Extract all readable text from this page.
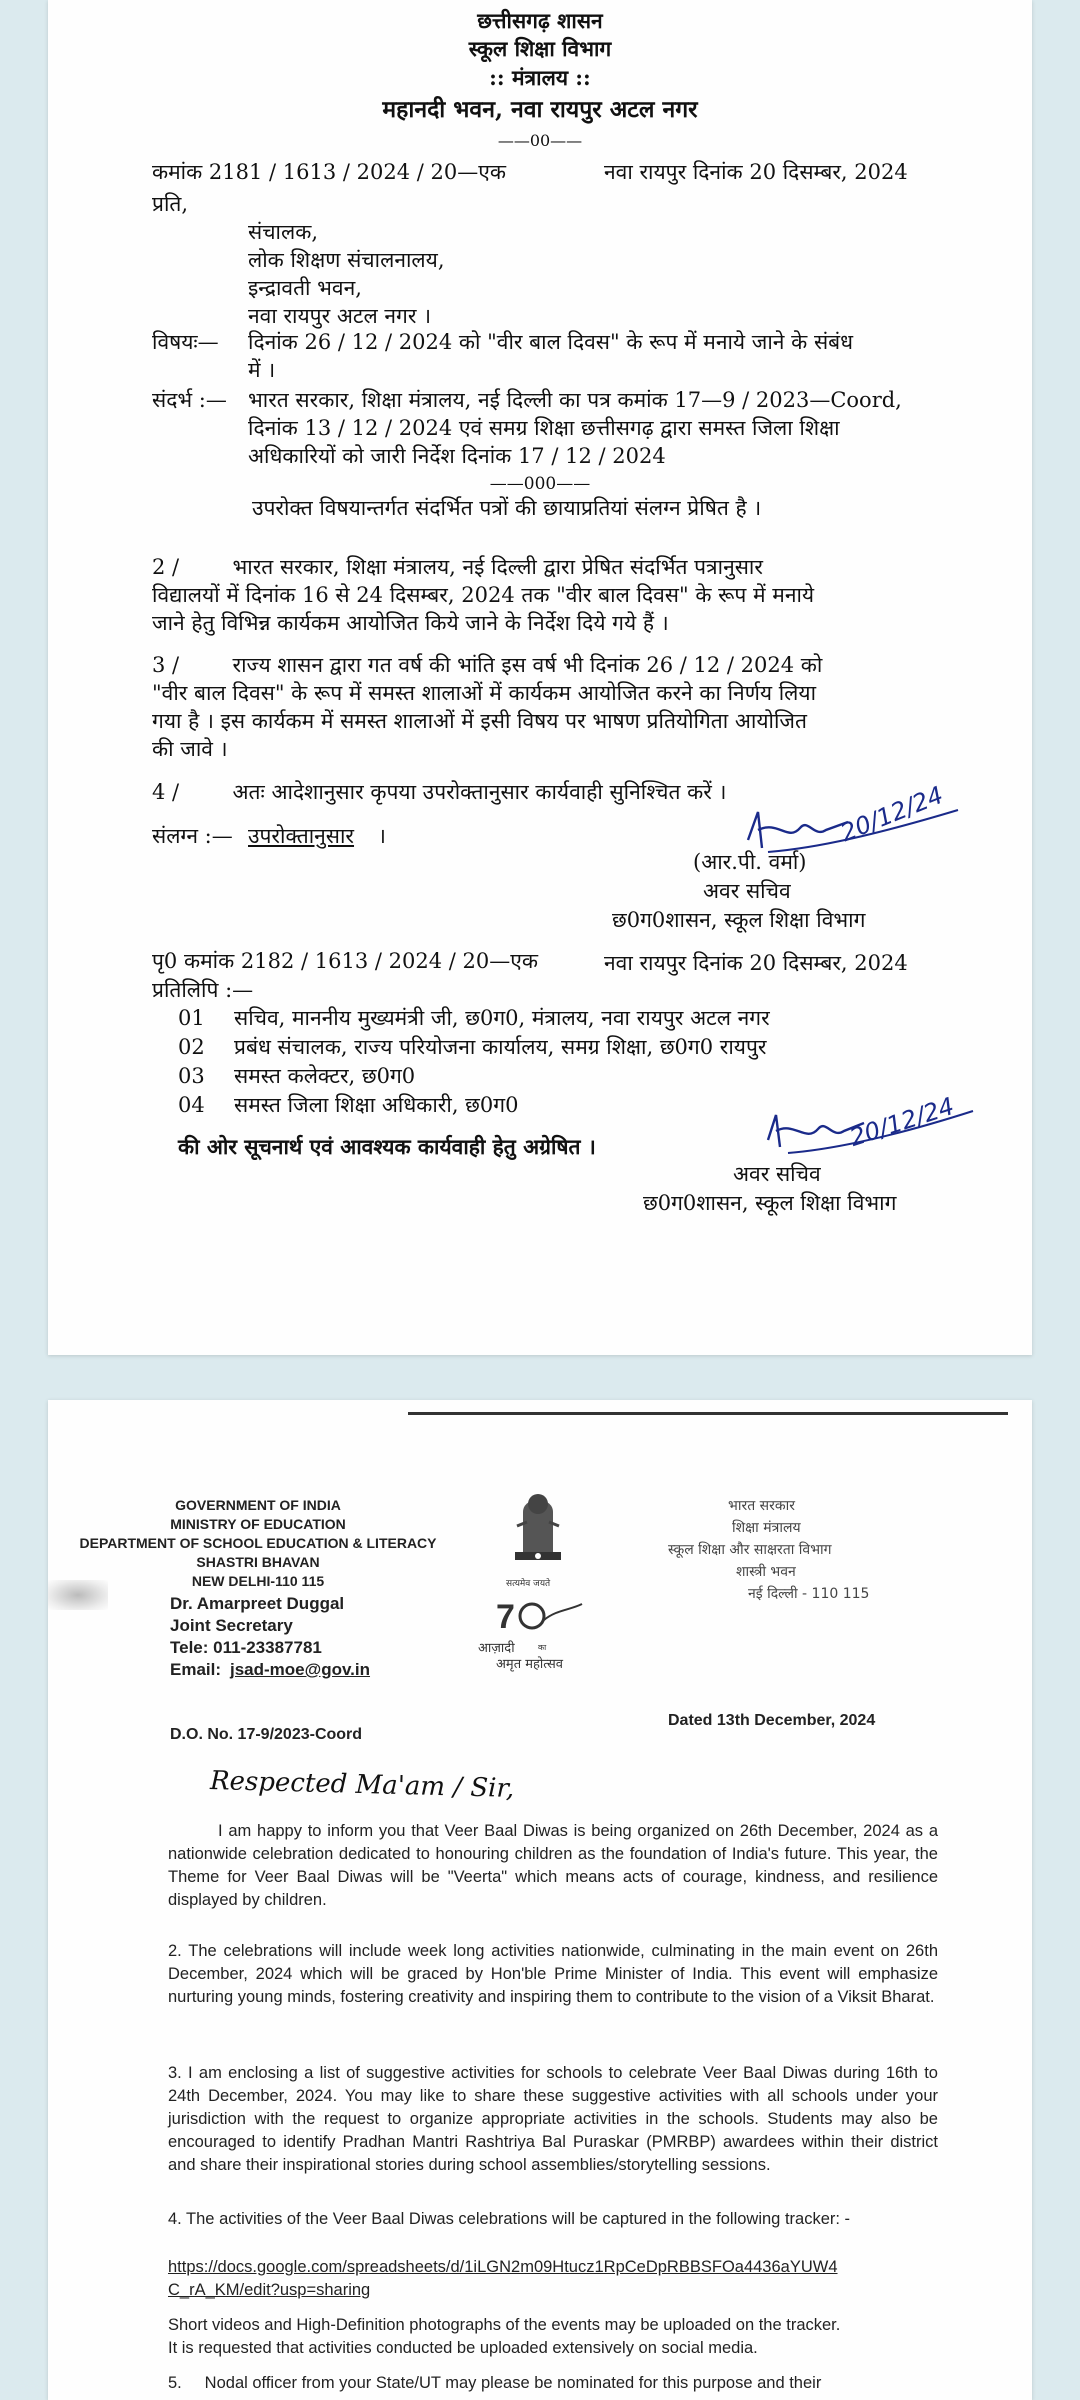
छत्तीसगढ़ शासन
स्कूल शिक्षा विभाग
:: मंत्रालय ::
महानदी भवन, नवा रायपुर अटल नगर
——00——
कमांक 2181 / 1613 / 2024 / 20—एक	नवा रायपुर दिनांक 20 दिसम्बर, 2024
प्रति,
संचालक,
लोक शिक्षण संचालनालय,
इन्द्रावती भवन,
नवा रायपुर अटल नगर ।
विषयः— दिनांक 26 / 12 / 2024 को "वीर बाल दिवस" के रूप में मनाये जाने के संबंध
में ।
संदर्भ :— भारत सरकार, शिक्षा मंत्रालय, नई दिल्ली का पत्र कमांक 17—9 / 2023—Coord,
दिनांक 13 / 12 / 2024 एवं समग्र शिक्षा छत्तीसगढ़ द्वारा समस्त जिला शिक्षा
अधिकारियों को जारी निर्देश दिनांक 17 / 12 / 2024
——000——
उपरोक्त विषयान्तर्गत संदर्भित पत्रों की छायाप्रतियां संलग्न प्रेषित है ।
2 /        भारत सरकार, शिक्षा मंत्रालय, नई दिल्ली द्वारा प्रेषित संदर्भित पत्रानुसार
विद्यालयों में दिनांक 16 से 24 दिसम्बर, 2024 तक "वीर बाल दिवस" के रूप में मनाये
जाने हेतु विभिन्न कार्यकम आयोजित किये जाने के निर्देश दिये गये हैं ।
3 /        राज्य शासन द्वारा गत वर्ष की भांति इस वर्ष भी दिनांक 26 / 12 / 2024 को
"वीर बाल दिवस" के रूप में समस्त शालाओं में कार्यकम आयोजित करने का निर्णय लिया
गया है । इस कार्यकम में समस्त शालाओं में इसी विषय पर भाषण प्रतियोगिता आयोजित
की जावे ।
4 /        अतः आदेशानुसार कृपया उपरोक्तानुसार कार्यवाही सुनिश्चित करें ।
संलग्न :— उपरोक्तानुसार ।	20/12/24
(आर.पी. वर्मा)
अवर सचिव
छ0ग0शासन, स्कूल शिक्षा विभाग
पृ0 कमांक 2182 / 1613 / 2024 / 20—एक	नवा रायपुर दिनांक 20 दिसम्बर, 2024
प्रतिलिपि :—
01 सचिव, माननीय मुख्यमंत्री जी, छ0ग0, मंत्रालय, नवा रायपुर अटल नगर
02 प्रबंध संचालक, राज्य परियोजना कार्यालय, समग्र शिक्षा, छ0ग0 रायपुर
03 समस्त कलेक्टर, छ0ग0
04 समस्त जिला शिक्षा अधिकारी, छ0ग0
की ओर सूचनार्थ एवं आवश्यक कार्यवाही हेतु अग्रेषित ।	20/12/24
अवर सचिव
छ0ग0शासन, स्कूल शिक्षा विभाग
GOVERNMENT OF INDIA
MINISTRY OF EDUCATION
DEPARTMENT OF SCHOOL EDUCATION & LITERACY
SHASTRI BHAVAN
NEW DELHI-110 115	सत्यमेव जयते
7
आज़ादी	का
अमृत महोत्सव
भारत सरकार
शिक्षा मंत्रालय
स्कूल शिक्षा और साक्षरता विभाग
शास्त्री भवन
नई दिल्ली - 110 115
Dr. Amarpreet Duggal
Joint Secretary
Tele: 011-23387781
Email: jsad-moe@gov.in
D.O. No. 17-9/2023-Coord
Dated 13th December, 2024
Respected Ma'am / Sir,
I am happy to inform you that Veer Baal Diwas is being organized on 26th December, 2024 as a nationwide celebration dedicated to honouring children as the foundation of India's future. This year, the Theme for Veer Baal Diwas will be "Veerta" which means acts of courage, kindness, and resilience displayed by children.
2. The celebrations will include week long activities nationwide, culminating in the main event on 26th December, 2024 which will be graced by Hon'ble Prime Minister of India. This event will emphasize nurturing young minds, fostering creativity and inspiring them to contribute to the vision of a Viksit Bharat.
3. I am enclosing a list of suggestive activities for schools to celebrate Veer Baal Diwas during 16th to 24th December, 2024. You may like to share these suggestive activities with all schools under your jurisdiction with the request to organize appropriate activities in the schools. Students may also be encouraged to identify Pradhan Mantri Rashtriya Bal Puraskar (PMRBP) awardees within their district and share their inspirational stories during school assemblies/storytelling sessions.
4. The activities of the Veer Baal Diwas celebrations will be captured in the following tracker: -
https://docs.google.com/spreadsheets/d/1iLGN2m09Htucz1RpCeDpRBBSFOa4436aYUW4
C_rA_KM/edit?usp=sharing
Short videos and High-Definition photographs of the events may be uploaded on the tracker.
It is requested that activities conducted be uploaded extensively on social media.
5.     Nodal officer from your State/UT may please be nominated for this purpose and their
